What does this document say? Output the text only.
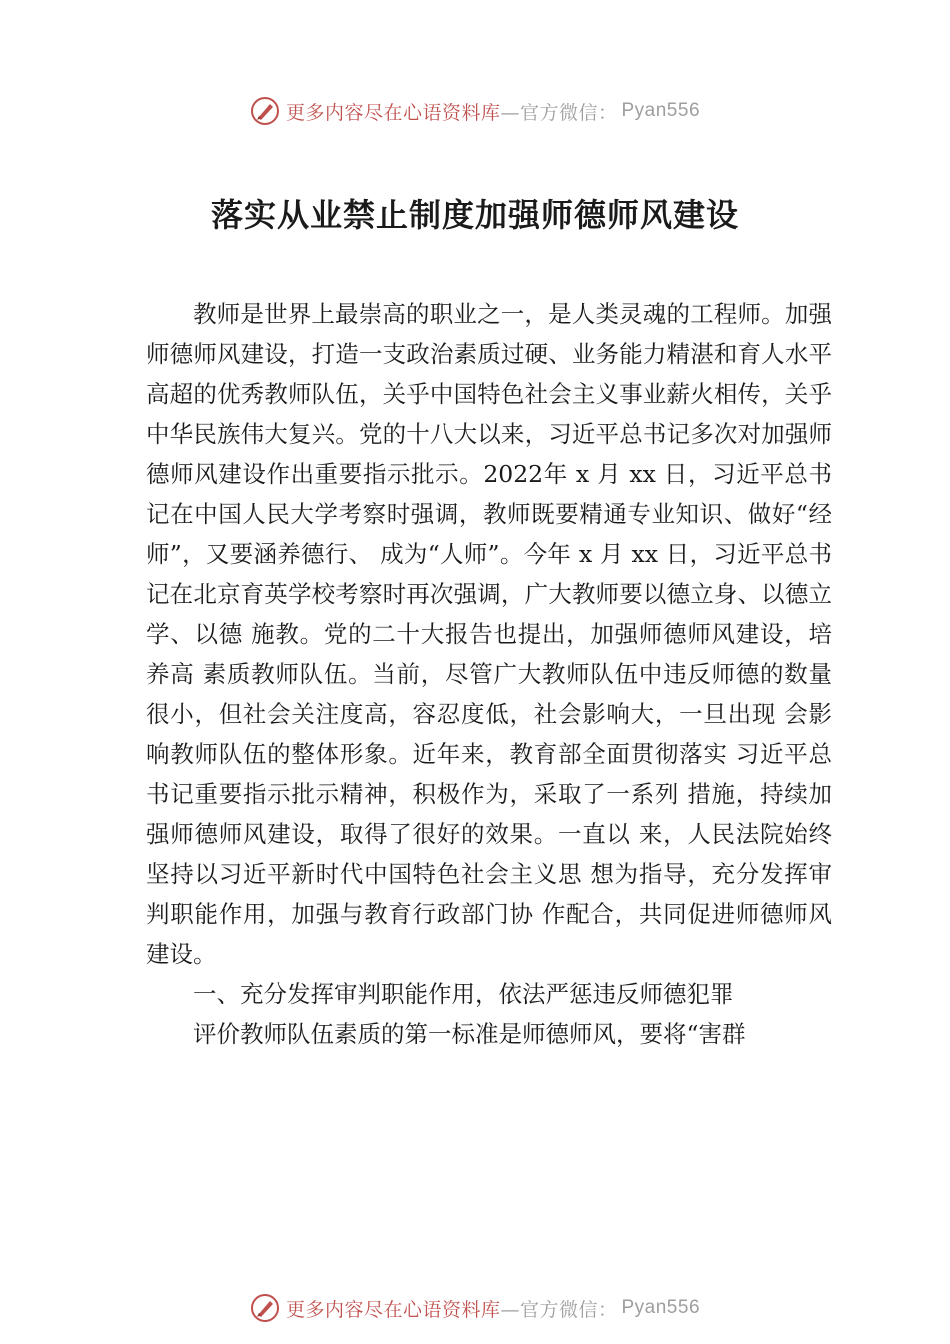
更多内容尽在心语资料库 —官方微信： Pyan556
落实从业禁止制度加强师德师风建设

教师是世界上最崇高的职业之一，是人类灵魂的工程师。加强师德师风建设，打造一支政治素质过硬、业务能力精湛和育人水平高超的优秀教师队伍，关乎中国特色社会主义事业薪火相传，关乎中华民族伟大复兴。党的十八大以来，习近平总书记多次对加强师德师风建设作出重要指示批示。2022年 x 月 xx 日，习近平总书记在中国人民大学考察时强调，教师既要精通专业知识、做好“经师”，又要涵养德行、 成为“人师”。今年 x 月 xx 日，习近平总书记在北京育英学校考察时再次强调，广大教师要以德立身、以德立学、以德 施教。党的二十大报告也提出，加强师德师风建设，培养高 素质教师队伍。当前，尽管广大教师队伍中违反师德的数量 很小，但社会关注度高，容忍度低，社会影响大，一旦出现 会影响教师队伍的整体形象。近年来，教育部全面贯彻落实 习近平总书记重要指示批示精神，积极作为，采取了一系列 措施，持续加强师德师风建设，取得了很好的效果。一直以 来，人民法院始终坚持以习近平新时代中国特色社会主义思 想为指导，充分发挥审判职能作用，加强与教育行政部门协 作配合，共同促进师德师风建设。

一、充分发挥审判职能作用，依法严惩违反师德犯罪

评价教师队伍素质的第一标准是师德师风，要将“害群

更多内容尽在心语资料库 —官方微信： Pyan556
